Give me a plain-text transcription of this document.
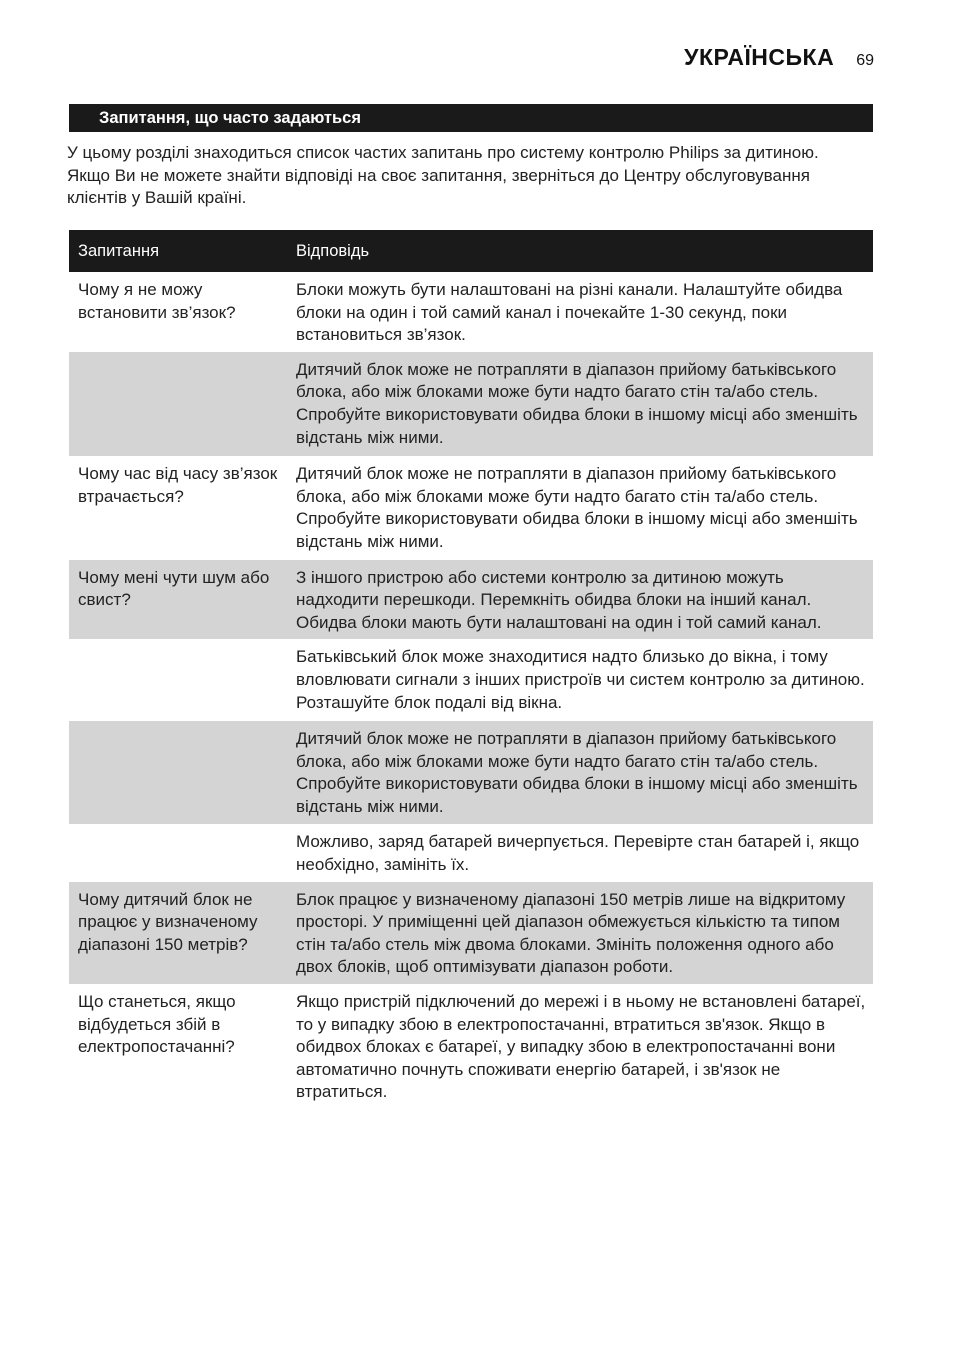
УКРАЇНСЬКА 69
Запитання, що часто задаються
У цьому розділі знаходиться список частих запитань про систему контролю Philips за дитиною. Якщо Ви не можете знайти відповіді на своє запитання, зверніться до Центру обслуговування клієнтів у Вашій країні.
Запитання	Відповідь
Чому я не можу встановити зв’язок?
Блоки можуть бути налаштовані на різні канали. Налаштуйте обидва блоки на один і той самий канал і почекайте 1-30 секунд, поки встановиться зв’язок.
Дитячий блок може не потрапляти в діапазон прийому батьківського блока, або між блоками може бути надто багато стін та/або стель. Спробуйте використовувати обидва блоки в іншому місці або зменшіть відстань між ними.
Чому час від часу зв’язок втрачається?
Дитячий блок може не потрапляти в діапазон прийому батьківського блока, або між блоками може бути надто багато стін та/або стель. Спробуйте використовувати обидва блоки в іншому місці або зменшіть відстань між ними.
Чому мені чути шум або свист?
З іншого пристрою або системи контролю за дитиною можуть надходити перешкоди. Перемкніть обидва блоки на інший канал. Обидва блоки мають бути налаштовані на один і той самий канал.
Батьківський блок може знаходитися надто близько до вікна, і тому вловлювати сигнали з інших пристроїв чи систем контролю за дитиною. Розташуйте блок подалі від вікна.
Дитячий блок може не потрапляти в діапазон прийому батьківського блока, або між блоками може бути надто багато стін та/або стель. Спробуйте використовувати обидва блоки в іншому місці або зменшіть відстань між ними.
Можливо, заряд батарей вичерпується. Перевірте стан батарей і, якщо необхідно, замініть їх.
Чому дитячий блок не працює у визначеному діапазоні 150 метрів?
Блок працює у визначеному діапазоні 150 метрів лише на відкритому просторі. У приміщенні цей діапазон обмежується кількістю та типом стін та/або стель між двома блоками. Змініть положення одного або двох блоків, щоб оптимізувати діапазон роботи.
Що станеться, якщо відбудеться збій в електропостачанні?
Якщо пристрій підключений до мережі і в ньому не встановлені батареї, то у випадку збою в електропостачанні, втратиться зв'язок. Якщо в обидвох блоках є батареї, у випадку збою в електропостачанні вони автоматично почнуть споживати енергію батарей, і зв'язок не втратиться.
